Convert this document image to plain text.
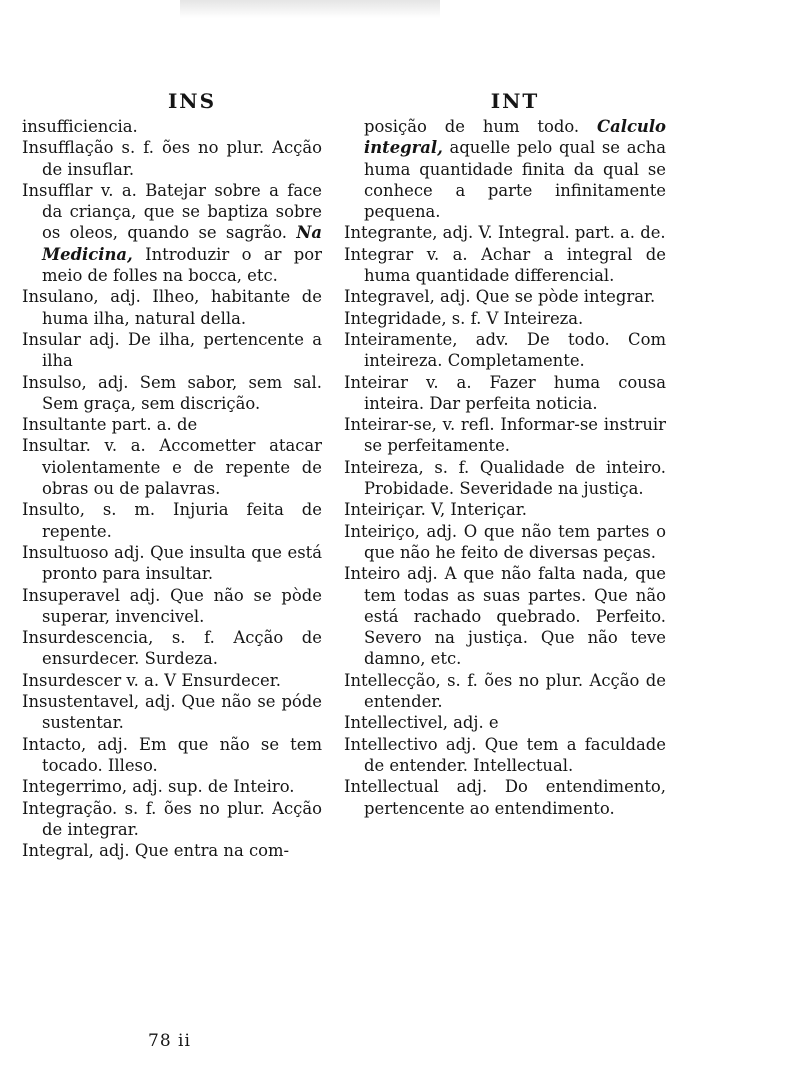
INS
insufficiencia.
Insufflação s. f. ões no plur. Acção de insuflar.
Insufflar v. a. Batejar sobre a face da criança, que se baptiza sobre os oleos, quando se sagrão. Na Medicina, Introduzir o ar por meio de folles na bocca, etc.
Insulano, adj. Ilheo, habitante de huma ilha, natural della.
Insular adj. De ilha, pertencente a ilha
Insulso, adj. Sem sabor, sem sal. Sem graça, sem discrição.
Insultante part. a. de
Insultar. v. a. Accometter atacar violentamente e de repente de obras ou de palavras.
Insulto, s. m. Injuria feita de repente.
Insultuoso adj. Que insulta que está pronto para insultar.
Insuperavel adj. Que não se pòde superar, invencivel.
Insurdescencia, s. f. Acção de ensurdecer. Surdeza.
Insurdescer v. a. V Ensurdecer.
Insustentavel, adj. Que não se póde sustentar.
Intacto, adj. Em que não se tem tocado. Illeso.
Integerrimo, adj. sup. de Inteiro.
Integração. s. f. ões no plur. Acção de integrar.
Integral, adj. Que entra na com-
INT
posição de hum todo. Calculo integral, aquelle pelo qual se acha huma quantidade finita da qual se conhece a parte infinitamente pequena.
Integrante, adj. V. Integral. part. a. de.
Integrar v. a. Achar a integral de huma quantidade differencial.
Integravel, adj. Que se pòde integrar.
Integridade, s. f. V Inteireza.
Inteiramente, adv. De todo. Com inteireza. Completamente.
Inteirar v. a. Fazer huma cousa inteira. Dar perfeita noticia.
Inteirar-se, v. refl. Informar-se instruir se perfeitamente.
Inteireza, s. f. Qualidade de inteiro. Probidade. Severidade na justiça.
Inteiriçar. V, Interiçar.
Inteiriço, adj. O que não tem partes o que não he feito de diversas peças.
Inteiro adj. A que não falta nada, que tem todas as suas partes. Que não está rachado quebrado. Perfeito. Severo na justiça. Que não teve damno, etc.
Intellecção, s. f. ões no plur. Acção de entender.
Intellectivel, adj. e
Intellectivo adj. Que tem a faculdade de entender. Intellectual.
Intellectual adj. Do entendimento, pertencente ao entendimento.
78 ii
